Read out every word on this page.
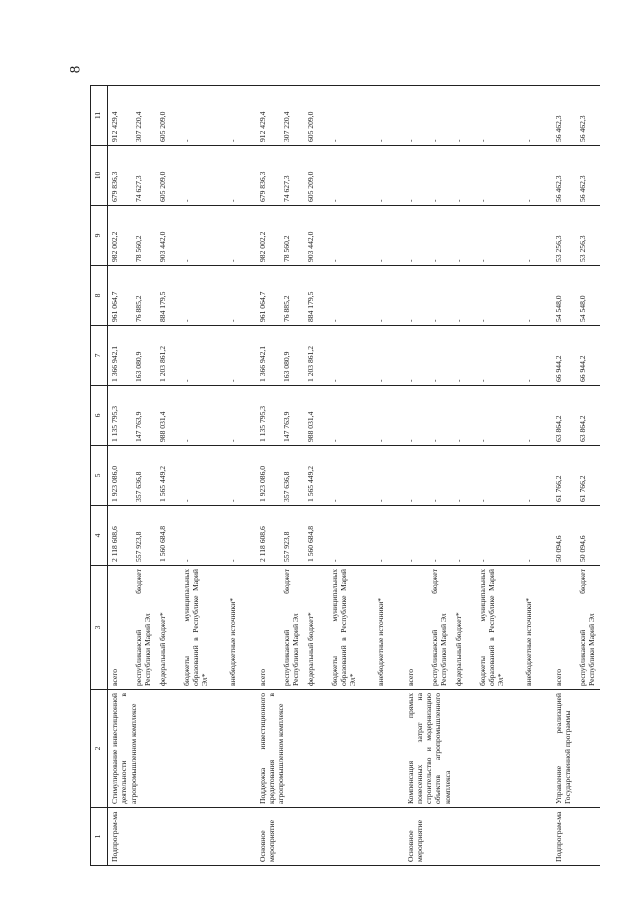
8
1	2	3	4	5	6	7	8	9	10	11
Подпрограм-ма	Стимулирование инвестиционной деятельности в агропромышленном комплексе	всего	2 118 608,6	1 923 086,0	1 135 795,3	1 366 942,1	961 064,7	982 002,2	679 836,3	912 429,4
		республиканский бюджет Республики Марий Эл	557 923,8	357 636,8	147 763,9	163 080,9	76 885,2	78 560,2	74 627,3	307 220,4
		федеральный бюджет*	1 560 684,8	1 565 449,2	988 031,4	1 203 861,2	884 179,5	903 442,0	605 209,0	605 209,0
		бюджеты муниципальных образований в Республике Марий Эл*	-	-	-	-	-	-	-	-
		внебюджетные источники*	-	-	-	-	-	-	-	-

Основное мероприятие	Поддержка инвестиционного кредитования в агропромышленном комплексе	всего	2 118 608,6	1 923 086,0	1 135 795,3	1 366 942,1	961 064,7	982 002,2	679 836,3	912 429,4
		республиканский бюджет Республики Марий Эл	557 923,8	357 636,8	147 763,9	163 080,9	76 885,2	78 560,2	74 627,3	307 220,4
		федеральный бюджет*	1 560 684,8	1 565 449,2	988 031,4	1 203 861,2	884 179,5	903 442,0	605 209,0	605 209,0
		бюджеты муниципальных образований в Республике Марий Эл*	-	-	-	-	-	-	-	-
		внебюджетные источники*	-	-	-	-	-	-	-	-

Основное мероприятие	Компенсация прямых понесенных затрат на строительство и модернизацию объектов агропромышленного комплекса	всего	-	-	-	-	-	-	-	-
		республиканский бюджет Республики Марий Эл	-	-	-	-	-	-	-	-
		федеральный бюджет*	-	-	-	-	-	-	-	-
		бюджеты муниципальных образований в Республике Марий Эл*	-	-	-	-	-	-	-	-
		внебюджетные источники*	-	-	-	-	-	-	-	-

Подпрограм-ма	Управление реализацией Государственной программы	всего	50 094,6	61 766,2	63 864,2	66 944,2	54 548,0	53 256,3	56 462,3	56 462,3
		республиканский бюджет Республики Марий Эл	50 094,6	61 766,2	63 864,2	66 944,2	54 548,0	53 256,3	56 462,3	56 462,3
